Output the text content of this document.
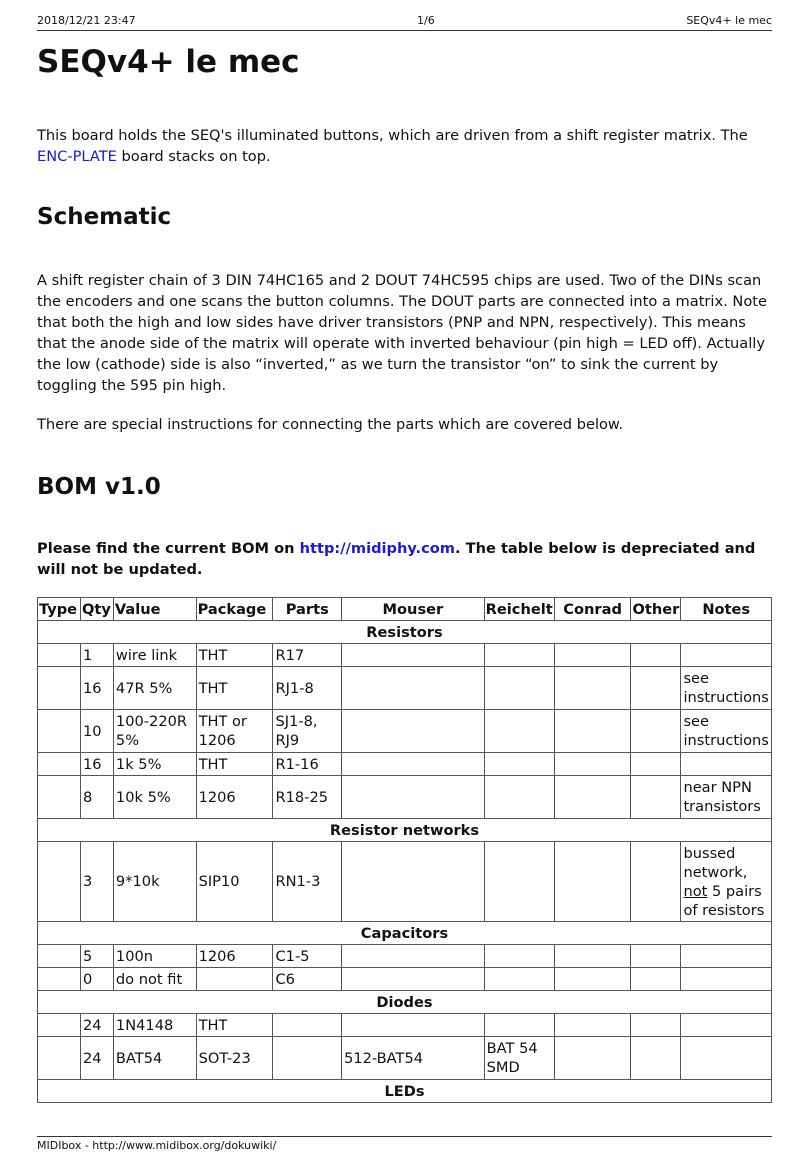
2018/12/21 23:47	1/6	SEQv4+ le mec
SEQv4+ le mec

This board holds the SEQ's illuminated buttons, which are driven from a shift register matrix. The ENC-PLATE board stacks on top.

Schematic

A shift register chain of 3 DIN 74HC165 and 2 DOUT 74HC595 chips are used. Two of the DINs scan the encoders and one scans the button columns. The DOUT parts are connected into a matrix. Note that both the high and low sides have driver transistors (PNP and NPN, respectively). This means that the anode side of the matrix will operate with inverted behaviour (pin high = LED off). Actually the low (cathode) side is also “inverted,” as we turn the transistor “on” to sink the current by toggling the 595 pin high.

There are special instructions for connecting the parts which are covered below.

BOM v1.0

Please find the current BOM on http://midiphy.com. The table below is depreciated and will not be updated.

Type	Qty	Value	Package	Parts	Mouser	Reichelt	Conrad	Other	Notes
Resistors									
	1	wire link	THT	R17					
	16	47R 5%	THT	RJ1-8					see instructions
	10	100-220R 5%	THT or 1206	SJ1-8, RJ9					see instructions
	16	1k 5%	THT	R1-16					
	8	10k 5%	1206	R18-25					near NPN transistors
Resistor networks									
	3	9*10k	SIP10	RN1-3					bussed network, not 5 pairs of resistors
Capacitors									
	5	100n	1206	C1-5					
	0	do not fit		C6					
Diodes									
	24	1N4148	THT						
	24	BAT54	SOT-23		512-BAT54	BAT 54 SMD			
LEDs									
MIDIbox - http://www.midibox.org/dokuwiki/
